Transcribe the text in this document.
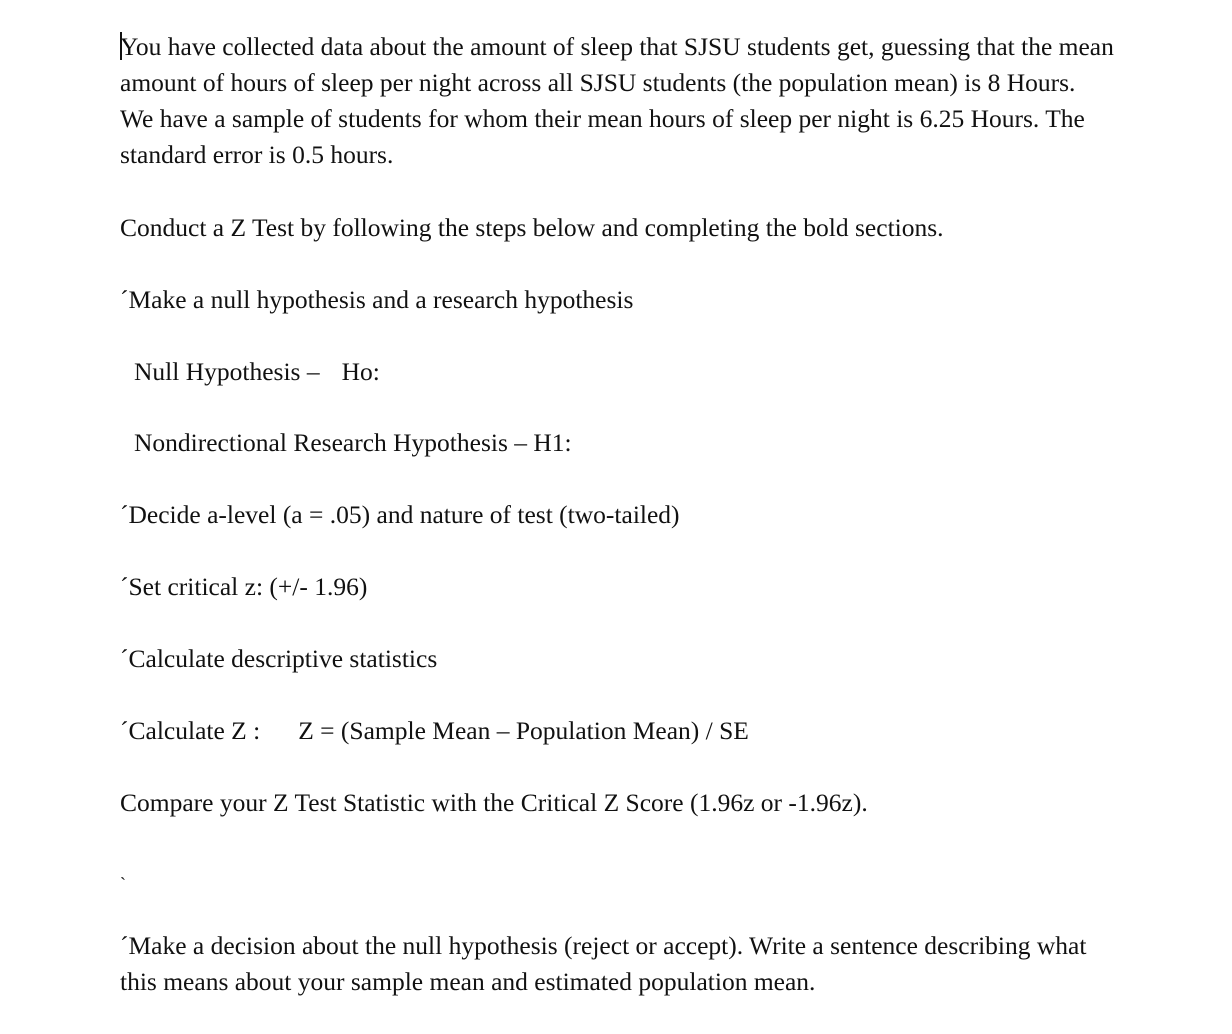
You have collected data about the amount of sleep that SJSU students get, guessing that the mean
amount of hours of sleep per night across all SJSU students (the population mean) is 8 Hours.
We have a sample of students for whom their mean hours of sleep per night is 6.25 Hours. The
standard error is 0.5 hours.
Conduct a Z Test by following the steps below and completing the bold sections.
´Make a null hypothesis and a research hypothesis
Null Hypothesis – Ho:
Nondirectional Research Hypothesis – H1:
´Decide a-level (a = .05) and nature of test (two-tailed)
´Set critical z: (+/- 1.96)
´Calculate descriptive statistics
´Calculate Z : Z = (Sample Mean – Population Mean) / SE
Compare your Z Test Statistic with the Critical Z Score (1.96z or -1.96z).
ˏ
´Make a decision about the null hypothesis (reject or accept). Write a sentence describing what
this means about your sample mean and estimated population mean.
